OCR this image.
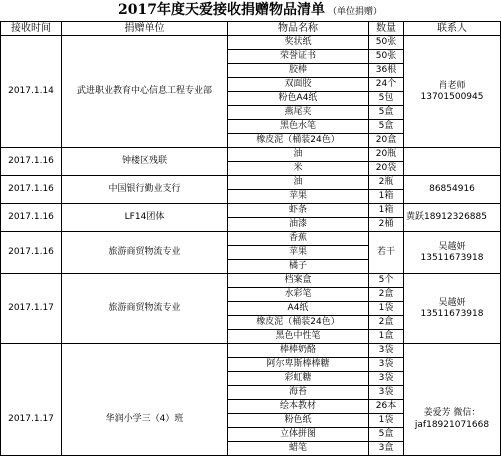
2017年度天爱接收捐赠物品清单 （单位捐赠）
接收时间	捐赠单位	物品名称	数量	联系人
2017.1.14	武进职业教育中心信息工程专业部	奖状纸	50张	肖老师
13701500945

		荣誉证书	50张	
		胶棒	36根	
		双面胶	24个	
		粉色A4纸	5包	
		燕尾夹	5盒	
		黑色水笔	5盒	
		橡皮泥（桶装24色）	20盒	
2017.1.16	钟楼区残联	油	20瓶	
		米	20袋	
2017.1.16	中国银行勤业支行	油	2瓶	86854916
		苹果	1箱	
2017.1.16	LF14团体	虾条	1箱	黄跃18912326885
		油漆	2桶	
2017.1.16	旅游商贸物流专业	香蕉	若干	吴越妍
13511673918

		苹果		
		橘子		
2017.1.17	旅游商贸物流专业	档案盒	5个	吴越妍
13511673918

		水彩笔	2盒	
		A4纸	1袋	
		橡皮泥（桶装24色）	2盒	
		黑色中性笔	1盒	

2017.1.17	华润小学三（4）班	棒棒奶酪	3袋	姜爱芳 微信：
jaf18921071668

		阿尔卑斯棒棒糖	3袋	
		彩虹糖	3袋	
		海苔	3袋	
		绘本教材	26本	
		粉色纸	1袋	
		立体拼图	5盒	
		蜡笔	3盒	
